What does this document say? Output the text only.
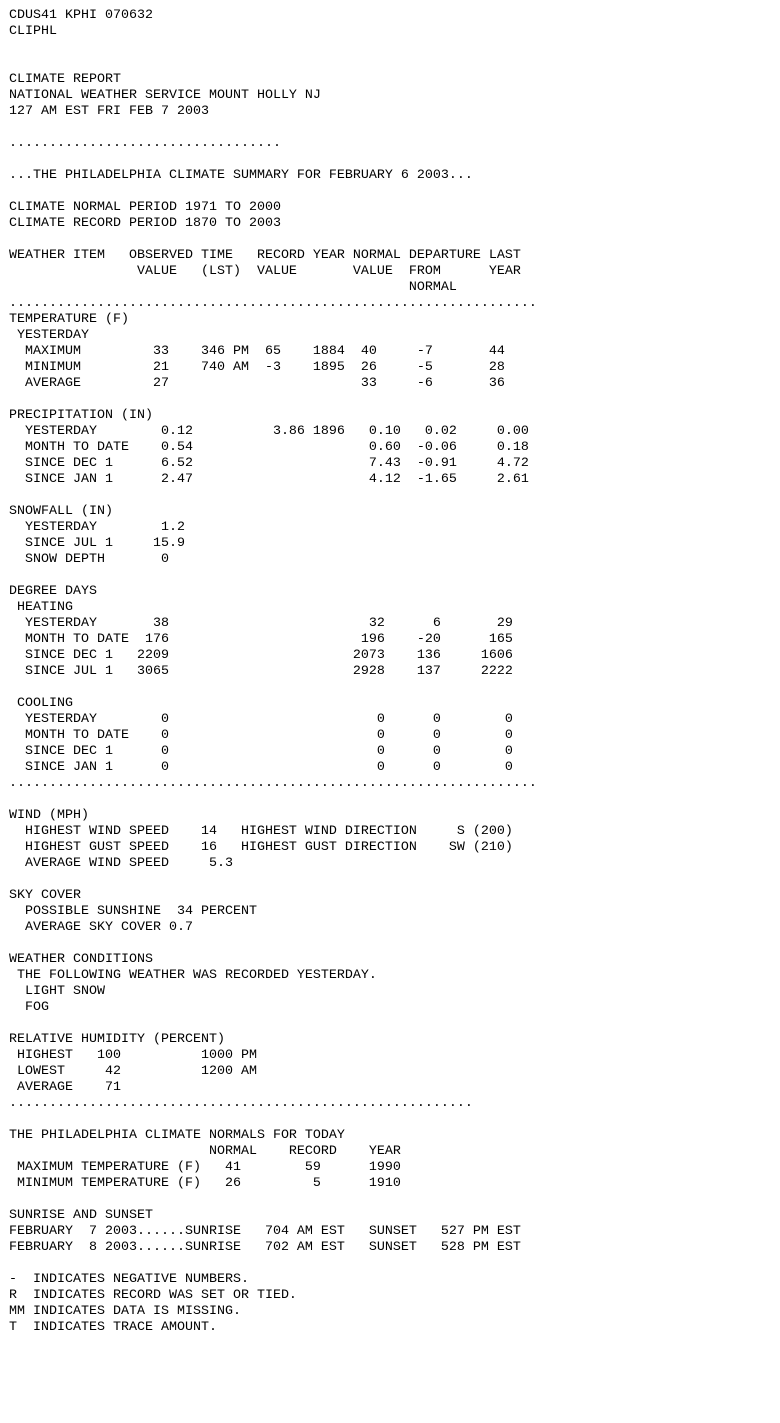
CDUS41 KPHI 070632
CLIPHL
CLIMATE REPORT
NATIONAL WEATHER SERVICE MOUNT HOLLY NJ
127 AM EST FRI FEB 7 2003
..................................
...THE PHILADELPHIA CLIMATE SUMMARY FOR FEBRUARY 6 2003...
CLIMATE NORMAL PERIOD 1971 TO 2000
CLIMATE RECORD PERIOD 1870 TO 2003
WEATHER ITEM   OBSERVED TIME   RECORD YEAR NORMAL DEPARTURE LAST
VALUE   (LST)  VALUE       VALUE  FROM      YEAR
NORMAL
..................................................................
TEMPERATURE (F)
YESTERDAY
MAXIMUM         33    346 PM  65    1884  40     -7       44
MINIMUM         21    740 AM  -3    1895  26     -5       28
AVERAGE         27                        33     -6       36
PRECIPITATION (IN)
YESTERDAY        0.12          3.86 1896   0.10   0.02     0.00
MONTH TO DATE    0.54                      0.60  -0.06     0.18
SINCE DEC 1      6.52                      7.43  -0.91     4.72
SINCE JAN 1      2.47                      4.12  -1.65     2.61
SNOWFALL (IN)
YESTERDAY        1.2
SINCE JUL 1     15.9
SNOW DEPTH       0
DEGREE DAYS
HEATING
YESTERDAY       38                         32      6       29
MONTH TO DATE  176                        196    -20      165
SINCE DEC 1   2209                       2073    136     1606
SINCE JUL 1   3065                       2928    137     2222
COOLING
YESTERDAY        0                          0      0        0
MONTH TO DATE    0                          0      0        0
SINCE DEC 1      0                          0      0        0
SINCE JAN 1      0                          0      0        0
..................................................................
WIND (MPH)
HIGHEST WIND SPEED    14   HIGHEST WIND DIRECTION     S (200)
HIGHEST GUST SPEED    16   HIGHEST GUST DIRECTION    SW (210)
AVERAGE WIND SPEED     5.3
SKY COVER
POSSIBLE SUNSHINE  34 PERCENT
AVERAGE SKY COVER 0.7
WEATHER CONDITIONS
THE FOLLOWING WEATHER WAS RECORDED YESTERDAY.
LIGHT SNOW
FOG
RELATIVE HUMIDITY (PERCENT)
HIGHEST   100          1000 PM
LOWEST     42          1200 AM
AVERAGE    71
..........................................................
THE PHILADELPHIA CLIMATE NORMALS FOR TODAY
NORMAL    RECORD    YEAR
MAXIMUM TEMPERATURE (F)   41        59      1990
MINIMUM TEMPERATURE (F)   26         5      1910
SUNRISE AND SUNSET
FEBRUARY  7 2003......SUNRISE   704 AM EST   SUNSET   527 PM EST
FEBRUARY  8 2003......SUNRISE   702 AM EST   SUNSET   528 PM EST
-  INDICATES NEGATIVE NUMBERS.
R  INDICATES RECORD WAS SET OR TIED.
MM INDICATES DATA IS MISSING.
T  INDICATES TRACE AMOUNT.
